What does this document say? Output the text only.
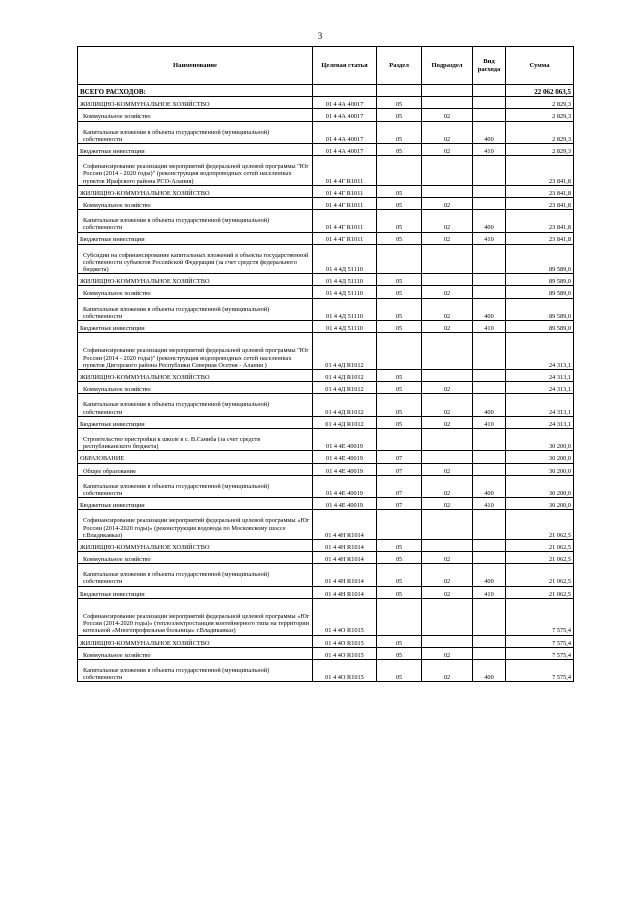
3
Наименование	Целевая статья	Раздел	Подраздел	Вид расхода	Сумма
ВСЕГО РАСХОДОВ:					22 062 063,5
ЖИЛИЩНО-КОММУНАЛЬНОЕ ХОЗЯЙСТВО	01 4 4А 40017	05			2 829,3
Коммунальное хозяйство	01 4 4А 40017	05	02		2 829,3
Капитальные вложения в объекты государственной (муниципальной) собственности	01 4 4А 40017	05	02	400	2 829,3
Бюджетные инвестиции	01 4 4А 40017	05	02	410	2 829,3
Софинансирование реализации мероприятий федеральной целевой программы "Юг России (2014 - 2020 годы)" (реконструкция водопроводных сетей населенных пунктов Ирафского района РСО-Алания)	01 4 4Г R1011				23 841,8
ЖИЛИЩНО-КОММУНАЛЬНОЕ ХОЗЯЙСТВО	01 4 4Г R1011	05			23 841,8
Коммунальное хозяйство	01 4 4Г R1011	05	02		23 841,8
Капитальные вложения в объекты государственной (муниципальной) собственности	01 4 4Г R1011	05	02	400	23 841,8
Бюджетные инвестиции	01 4 4Г R1011	05	02	410	23 841,8
Субсидии на софинансирование капитальных вложений в объекты государственной собственности субъектов Российской Федерации (за счет средств федерального бюджета)	01 4 4Д 51110				89 589,0
ЖИЛИЩНО-КОММУНАЛЬНОЕ ХОЗЯЙСТВО	01 4 4Д 51110	05			89 589,0
Коммунальное хозяйство	01 4 4Д 51110	05	02		89 589,0
Капитальные вложения в объекты государственной (муниципальной) собственности	01 4 4Д 51110	05	02	400	89 589,0
Бюджетные инвестиции	01 4 4Д 51110	05	02	410	89 589,0
Софинансирование реализации мероприятий федеральной целевой программы "Юг России (2014 - 2020 годы)" (реконструкция водопроводных сетей населенных пунктов Дигорского района Республики Северная Осетия - Алания )	01 4 4Д R1012				24 313,1
ЖИЛИЩНО-КОММУНАЛЬНОЕ ХОЗЯЙСТВО	01 4 4Д R1012	05			24 313,1
Коммунальное хозяйство	01 4 4Д R1012	05	02		24 313,1
Капитальные вложения в объекты государственной (муниципальной) собственности	01 4 4Д R1012	05	02	400	24 313,1
Бюджетные инвестиции	01 4 4Д R1012	05	02	410	24 313,1
Строительство пристройки к школе в с. В.Саниба (за счет средств республиканского бюджета)	01 4 4Е 40019				30 200,0
ОБРАЗОВАНИЕ	01 4 4Е 40019	07			30 200,0
Общее образование	01 4 4Е 40019	07	02		30 200,0
Капитальные вложения в объекты государственной (муниципальной) собственности	01 4 4Е 40019	07	02	400	30 200,0
Бюджетные инвестиции	01 4 4Е 40019	07	02	410	30 200,0
Софинансирование реализации мероприятий федеральной целевой программы «Юг России (2014-2020 годы)» (реконструкция водовода по Московскому шоссе г.Владикавказ)	01 4 4Н R1014				21 062,5
ЖИЛИЩНО-КОММУНАЛЬНОЕ ХОЗЯЙСТВО	01 4 4Н R1014	05			21 062,5
Коммунальное хозяйство	01 4 4Н R1014	05	02		21 062,5
Капитальные вложения в объекты государственной (муниципальной) собственности	01 4 4Н R1014	05	02	400	21 062,5
Бюджетные инвестиции	01 4 4Н R1014	05	02	410	21 062,5
Софинансирование реализации мероприятий федеральной целевой программы «Юг России (2014-2020 годы)» (теплоэлектростанция контейнерного типа на территории котельной «Многопрофильная больница» г.Владикавказ)	01 4 4О R1015				7 575,4
ЖИЛИЩНО-КОММУНАЛЬНОЕ ХОЗЯЙСТВО	01 4 4О R1015	05			7 575,4
Коммунальное хозяйство	01 4 4О R1015	05	02		7 575,4
Капитальные вложения в объекты государственной (муниципальной) собственности	01 4 4О R1015	05	02	400	7 575,4
